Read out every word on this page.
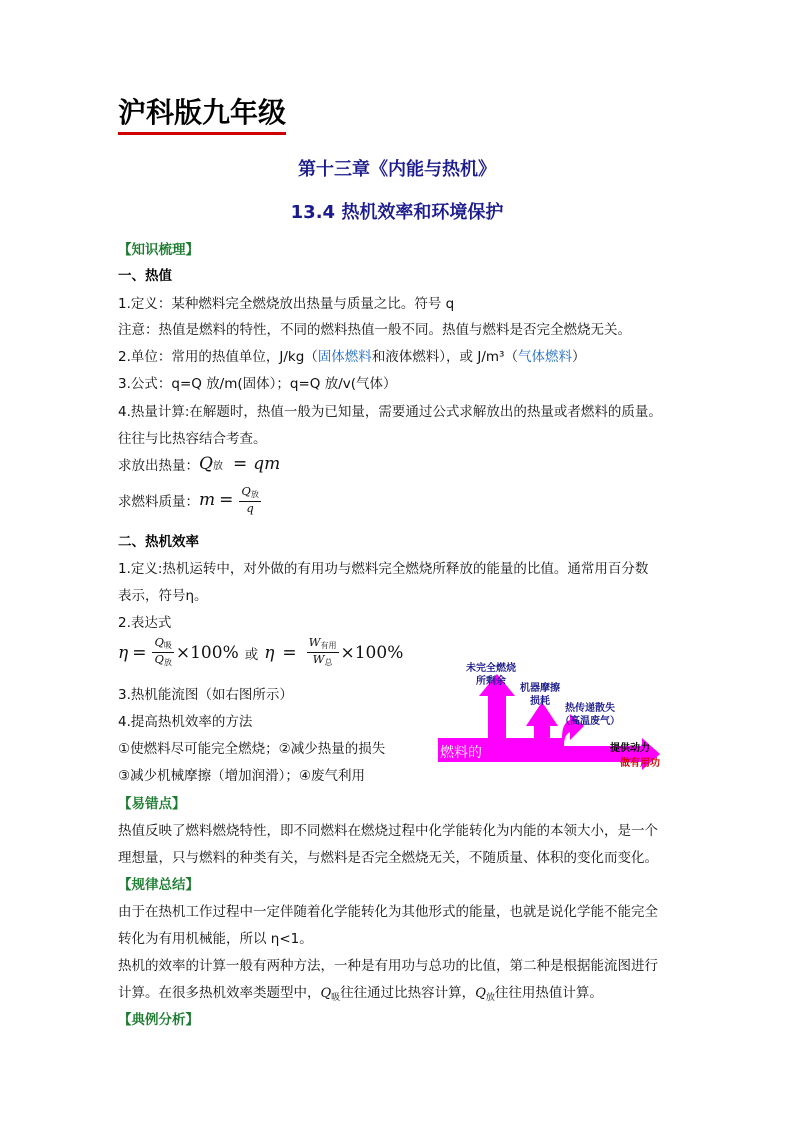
沪科版九年级
第十三章《内能与热机》
13.4 热机效率和环境保护
【知识梳理】
一、热值
1.定义：某种燃料完全燃烧放出热量与质量之比。符号 q
注意：热值是燃料的特性，不同的燃料热值一般不同。热值与燃料是否完全燃烧无关。
2.单位：常用的热值单位，J/kg（固体燃料和液体燃料），或 J/m³（气体燃料）
3.公式：q=Q 放/m(固体）；q=Q 放/v(气体）
4.热量计算:在解题时，热值一般为已知量，需要通过公式求解放出的热量或者燃料的质量。
往往与比热容结合考查。
求放出热量： Q 放 = qm
求燃料质量： $m = \frac{Q_放}{q}$
二、热机效率
1.定义:热机运转中，对外做的有用功与燃料完全燃烧所释放的能量的比值。通常用百分数
表示，符号η。
2.表达式
$\eta = \frac{Q_吸}{Q_放} \times 100\%$ 或 $\eta = \frac{W_{有用}}{W_总} \times 100\%$
3.热机能流图（如右图所示）
4.提高热机效率的方法
①使燃料尽可能完全燃烧；②减少热量的损失
③减少机械摩擦（增加润滑）；④废气利用
燃料的
总能量
未完全燃烧
所剩余
机器摩擦
损耗
热传递散失
（高温废气）
提供动力
做有用功
【易错点】
热值反映了燃料燃烧特性，即不同燃料在燃烧过程中化学能转化为内能的本领大小，是一个
理想量，只与燃料的种类有关，与燃料是否完全燃烧无关，不随质量、体积的变化而变化。
【规律总结】
由于在热机工作过程中一定伴随着化学能转化为其他形式的能量，也就是说化学能不能完全
转化为有用机械能，所以 η<1。
热机的效率的计算一般有两种方法，一种是有用功与总功的比值，第二种是根据能流图进行
计算。在很多热机效率类题型中，$Q_吸$往往通过比热容计算，$Q_放$往往用热值计算。
【典例分析】
